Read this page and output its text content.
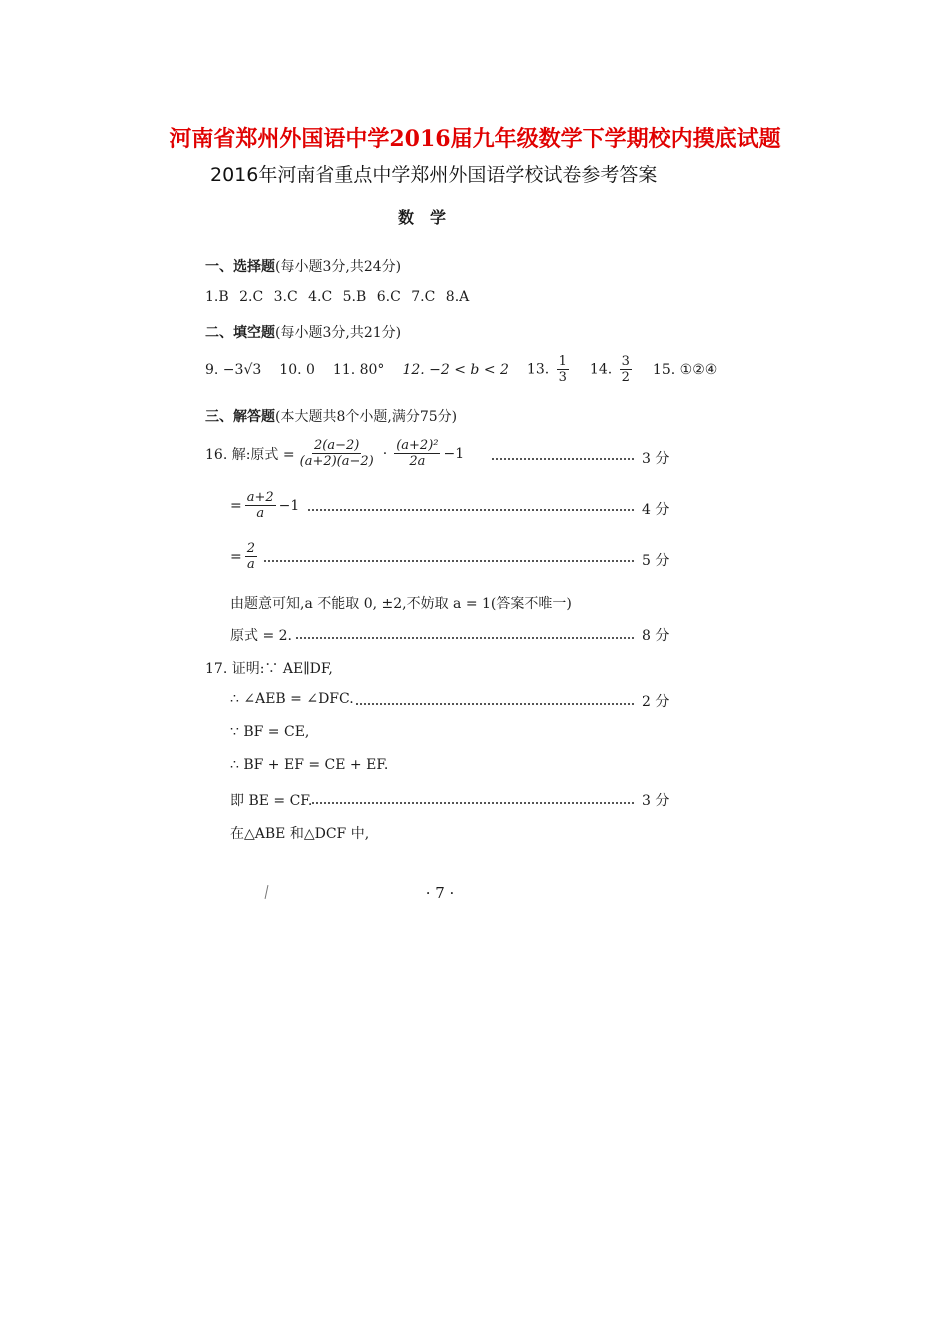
河南省郑州外国语中学2016届九年级数学下学期校内摸底试题
2016年河南省重点中学郑州外国语学校试卷参考答案
数学
一、选择题(每小题3分,共24分)
1.B 2.C 3.C 4.C 5.B 6.C 7.C 8.A
二、填空题(每小题3分,共21分)
9. −3√3 10. 0 11. 80° 12. −2 < b < 2 13. $\frac{1}{3} 14$. $\frac{3}{2} 15$. ①②④
三、解答题(本大题共8个小题,满分75分)
16. 解:原式 = $\frac{2(a-2)}{(a+2)(a-2)} \cdot \frac{\text{(a+2)²}}{2a} -1$	3 分
= $\frac{a+2}{a} -1$	4 分
= $\frac{2}{a}$	5 分
由题意可知,a 不能取 0, ±2,不妨取 a = 1(答案不唯一)
原式 = 2.	8 分
17. 证明:∵ AE∥DF,
∴ ∠AEB = ∠DFC.	2 分
∵ BF = CE,
∴ BF + EF = CE + EF.
即 BE = CF.	3 分
在△ABE 和△DCF 中,
· 7 ·
